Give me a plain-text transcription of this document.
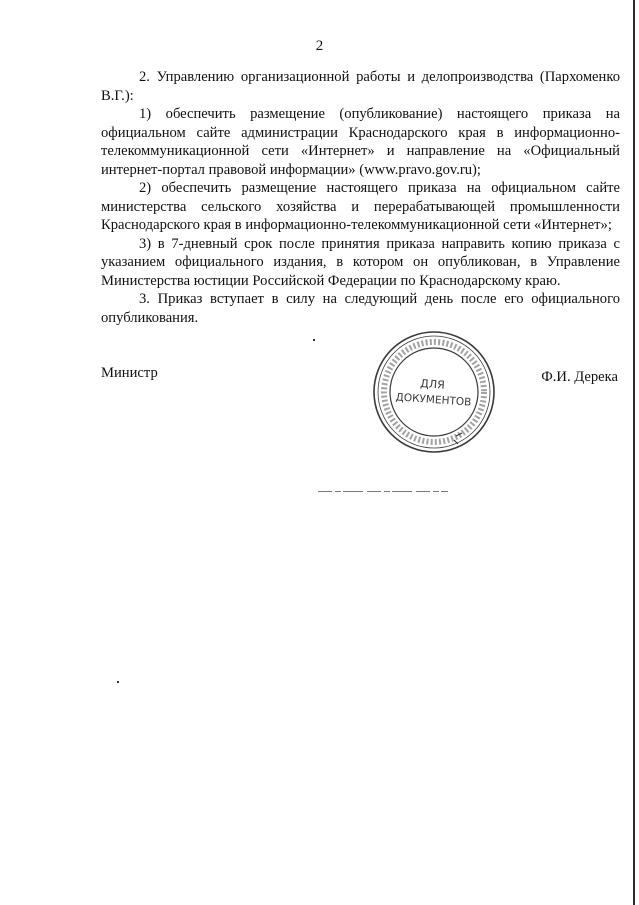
2

2. Управлению организационной работы и делопроизводства (Пархоменко В.Г.):

1) обеспечить размещение (опубликование) настоящего приказа на официальном сайте администрации Краснодарского края в информационно-телекоммуникационной сети «Интернет» и направление на «Официальный интернет-портал правовой информации» (www.pravo.gov.ru);

2) обеспечить размещение настоящего приказа на официальном сайте министерства сельского хозяйства и перерабатывающей промышленности Краснодарского края в информационно-телекоммуникационной сети «Интернет»;

3) в 7-дневный срок после принятия приказа направить копию приказа с указанием официального издания, в котором он опубликован, в Управление Министерства юстиции Российской Федерации по Краснодарскому краю.

3. Приказ вступает в силу на следующий день после его официального опубликования.

Министр	Ф.И. Дерека
ДЛЯ
ДОКУМЕНТОВ
